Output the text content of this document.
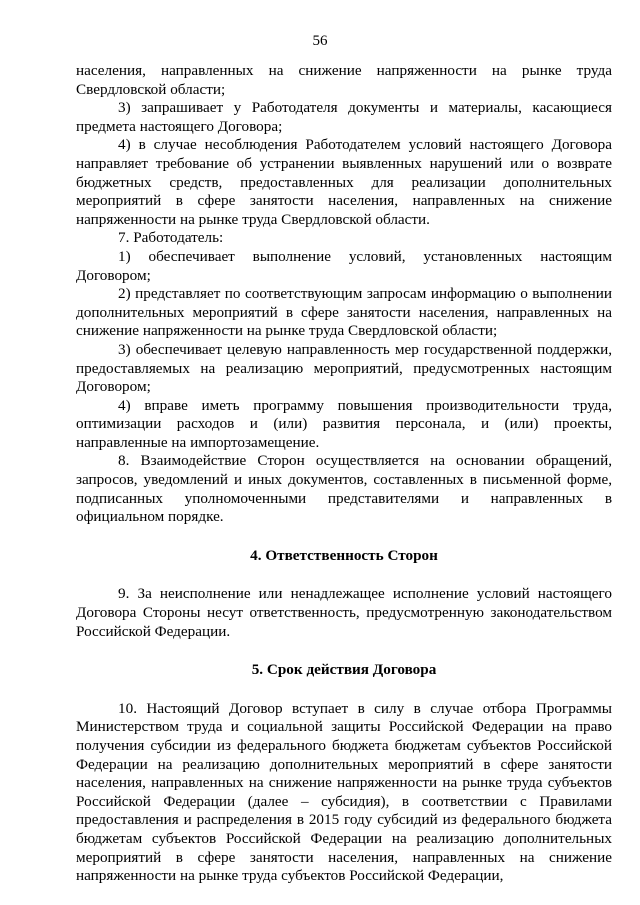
56

населения, направленных на снижение напряженности на рынке труда Свердловской области;

3) запрашивает у Работодателя документы и материалы, касающиеся предмета настоящего Договора;

4) в случае несоблюдения Работодателем условий настоящего Договора направляет требование об устранении выявленных нарушений или о возврате бюджетных средств, предоставленных для реализации дополнительных мероприятий в сфере занятости населения, направленных на снижение напряженности на рынке труда Свердловской области.

7. Работодатель:

1) обеспечивает выполнение условий, установленных настоящим Договором;

2) представляет по соответствующим запросам информацию о выполнении дополнительных мероприятий в сфере занятости населения, направленных на снижение напряженности на рынке труда Свердловской области;

3) обеспечивает целевую направленность мер государственной поддержки, предоставляемых на реализацию мероприятий, предусмотренных настоящим Договором;

4) вправе иметь программу повышения производительности труда, оптимизации расходов и (или) развития персонала, и (или) проекты, направленные на импортозамещение.

8. Взаимодействие Сторон осуществляется на основании обращений, запросов, уведомлений и иных документов, составленных в письменной форме, подписанных уполномоченными представителями и направленных в официальном порядке.

4. Ответственность Сторон

9. За неисполнение или ненадлежащее исполнение условий настоящего Договора Стороны несут ответственность, предусмотренную законодательством Российской Федерации.

5. Срок действия Договора

10. Настоящий Договор вступает в силу в случае отбора Программы Министерством труда и социальной защиты Российской Федерации на право получения субсидии из федерального бюджета бюджетам субъектов Российской Федерации на реализацию дополнительных мероприятий в сфере занятости населения, направленных на снижение напряженности на рынке труда субъектов Российской Федерации (далее – субсидия), в соответствии с Правилами предоставления и распределения в 2015 году субсидий из федерального бюджета бюджетам субъектов Российской Федерации на реализацию дополнительных мероприятий в сфере занятости населения, направленных на снижение напряженности на рынке труда субъектов Российской Федерации,
